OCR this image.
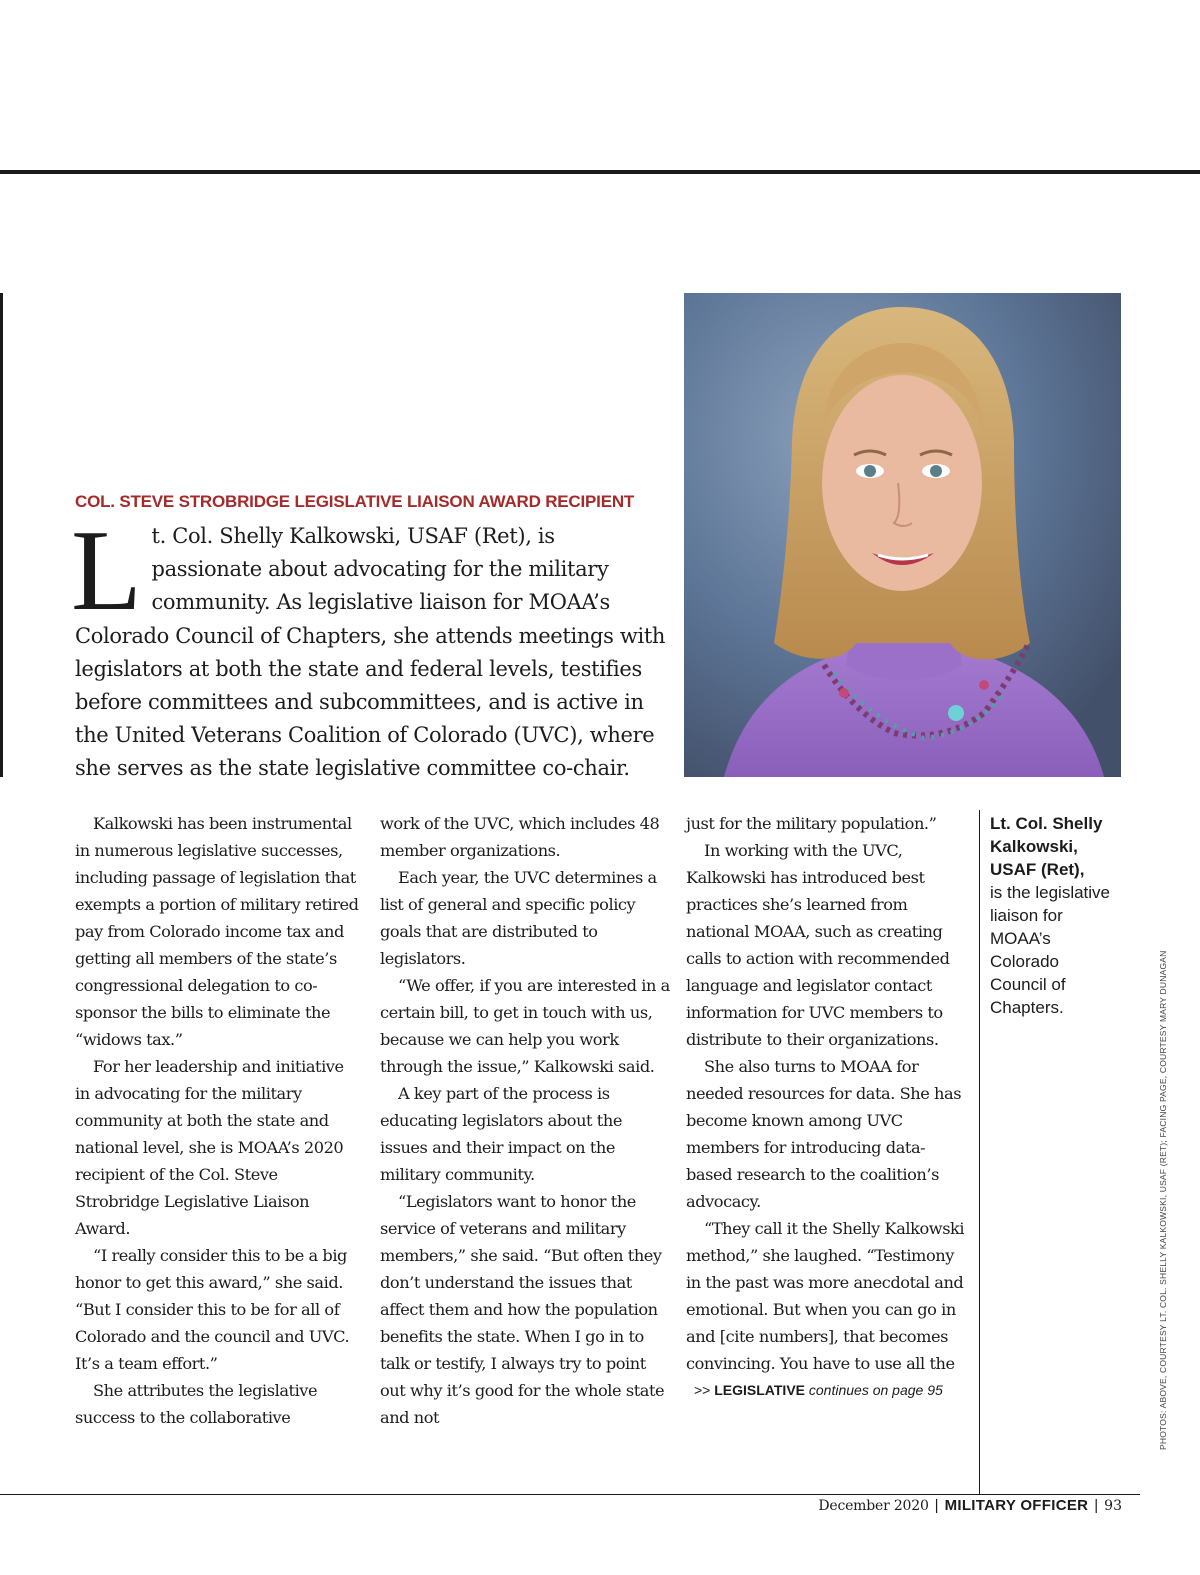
COL. STEVE STROBRIDGE LEGISLATIVE LIAISON AWARD RECIPIENT
Lt. Col. Shelly Kalkowski, USAF (Ret), is passionate about advocating for the military community. As legislative liaison for MOAA’s Colorado Council of Chapters, she attends meetings with legislators at both the state and federal levels, testifies before committees and subcommittees, and is active in the United Veterans Coalition of Colorado (UVC), where she serves as the state legislative committee co-chair.

Kalkowski has been instrumental in numerous legislative successes, including passage of legislation that exempts a portion of military retired pay from Colorado income tax and getting all members of the state’s congressional delegation to co-sponsor the bills to eliminate the “widows tax.”

For her leadership and initiative in advocating for the military community at both the state and national level, she is MOAA’s 2020 recipient of the Col. Steve Strobridge Legislative Liaison Award.

“I really consider this to be a big honor to get this award,” she said. “But I consider this to be for all of Colorado and the council and UVC. It’s a team effort.”

She attributes the legislative success to the collaborative

work of the UVC, which includes 48 member organizations.

Each year, the UVC determines a list of general and specific policy goals that are distributed to legislators.

“We offer, if you are interested in a certain bill, to get in touch with us, because we can help you work through the issue,” Kalkowski said.

A key part of the process is educating legislators about the issues and their impact on the military community.

“Legislators want to honor the service of veterans and military members,” she said. “But often they don’t understand the issues that affect them and how the population benefits the state. When I go in to talk or testify, I always try to point out why it’s good for the whole state and not

just for the military population.”

In working with the UVC, Kalkowski has introduced best practices she’s learned from national MOAA, such as creating calls to action with recommended language and legislator contact information for UVC members to distribute to their organizations.

She also turns to MOAA for needed resources for data. She has become known among UVC members for introducing data-based research to the coalition’s advocacy.

“They call it the Shelly Kalkowski method,” she laughed. “Testimony in the past was more anecdotal and emotional. But when you can go in and [cite numbers], that becomes convincing. You have to use all the

>> LEGISLATIVE continues on page 95
Lt. Col. Shelly Kalkowski, USAF (Ret),
is the legislative liaison for MOAA’s Colorado Council of Chapters.	PHOTOS: ABOVE, COURTESY LT. COL. SHELLY KALKOWSKI, USAF (RET); FACING PAGE, COURTESY MARY DUNAGAN
December 2020 | MILITARY OFFICER | 93
